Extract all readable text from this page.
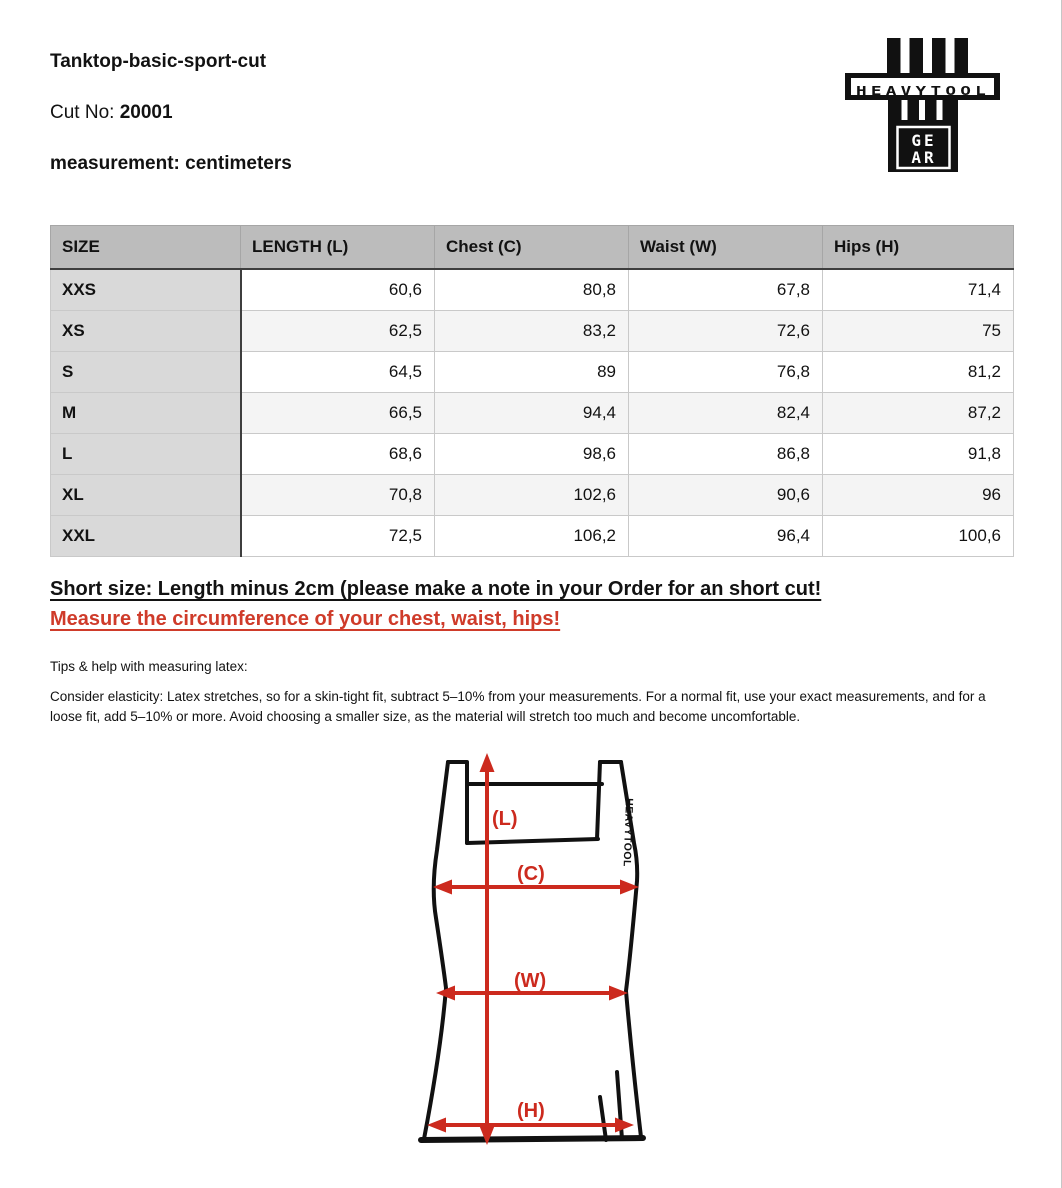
Tanktop-basic-sport-cut

Cut No: 20001

measurement: centimeters

HEAVYTOOL
GE
AR
SIZE	LENGTH (L)	Chest (C)	Waist (W)	Hips (H)
XXS	60,6	80,8	67,8	71,4
XS	62,5	83,2	72,6	75
S	64,5	89	76,8	81,2
M	66,5	94,4	82,4	87,2
L	68,6	98,6	86,8	91,8
XL	70,8	102,6	90,6	96
XXL	72,5	106,2	96,4	100,6

Short size: Length minus 2cm (please make a note in your Order for an short cut!

Measure the circumference of your chest, waist, hips!

Tips & help with measuring latex:

Consider elasticity: Latex stretches, so for a skin-tight fit, subtract 5–10% from your measurements. For a normal fit, use your exact measurements, and for a loose fit, add 5–10% or more. Avoid choosing a smaller size, as the material will stretch too much and become uncomfortable.

HEAVYTOOL
(L)
(C)
(W)
(H)
